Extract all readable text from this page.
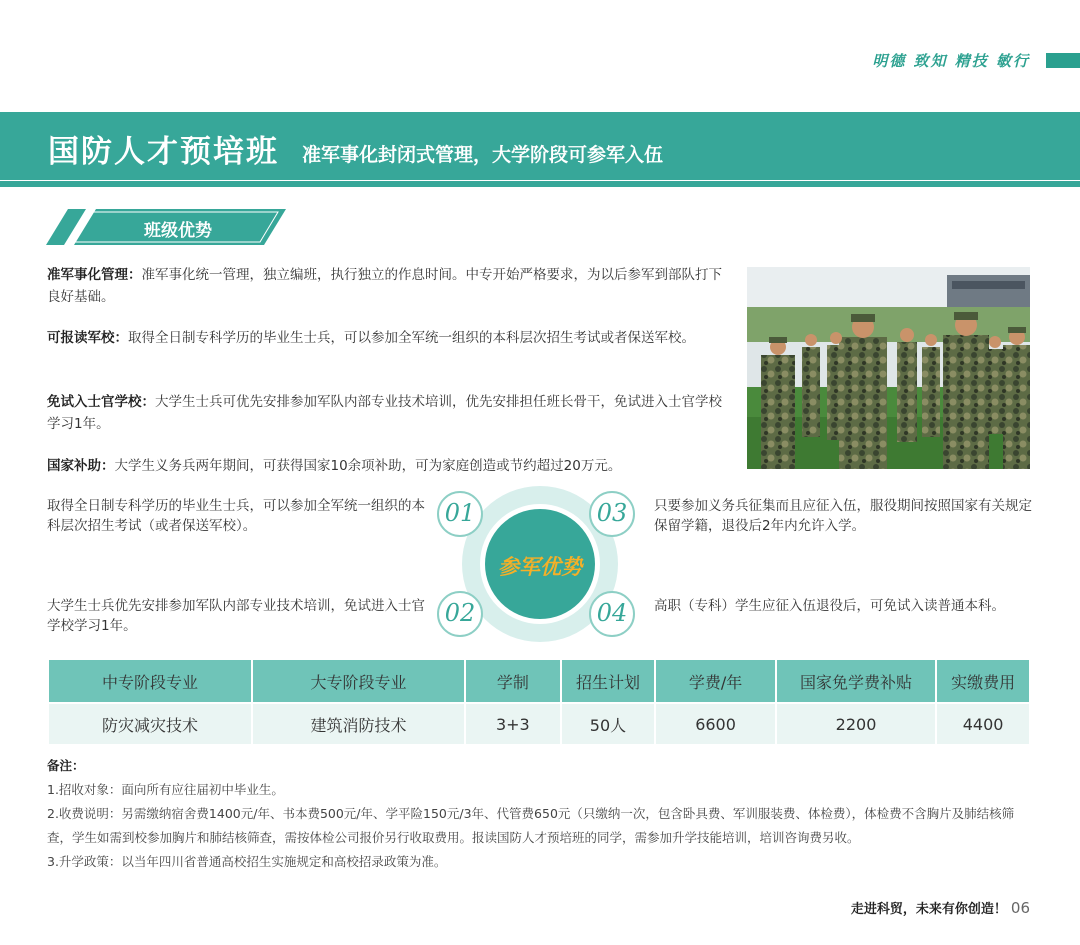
明德 致知 精技 敏行
国防人才预培班 准军事化封闭式管理，大学阶段可参军入伍
班级优势
准军事化管理：准军事化统一管理，独立编班，执行独立的作息时间。中专开始严格要求，为以后参军到部队打下良好基础。
可报读军校：取得全日制专科学历的毕业生士兵，可以参加全军统一组织的本科层次招生考试或者保送军校。
免试入士官学校：大学生士兵可优先安排参加军队内部专业技术培训，优先安排担任班长骨干，免试进入士官学校学习1年。
国家补助：大学生义务兵两年期间，可获得国家10余项补助，可为家庭创造或节约超过20万元。
取得全日制专科学历的毕业生士兵，可以参加全军统一组织的本科层次招生考试（或者保送军校）。
大学生士兵优先安排参加军队内部专业技术培训，免试进入士官学校学习1年。
只要参加义务兵征集而且应征入伍，服役期间按照国家有关规定保留学籍，退役后2年内允许入学。
高职（专科）学生应征入伍退役后，可免试入读普通本科。
参军优势
01
02
03
04
中专阶段专业	大专阶段专业	学制	招生计划	学费/年	国家免学费补贴	实缴费用
防灾减灾技术	建筑消防技术	3+3	50人	6600	2200	4400
备注：
1.招收对象：面向所有应往届初中毕业生。
2.收费说明：另需缴纳宿舍费1400元/年、书本费500元/年、学平险150元/3年、代管费650元（只缴纳一次，包含卧具费、军训服装费、体检费），体检费不含胸片及肺结核筛查，学生如需到校参加胸片和肺结核筛查，需按体检公司报价另行收取费用。报读国防人才预培班的同学，需参加升学技能培训，培训咨询费另收。
3.升学政策：以当年四川省普通高校招生实施规定和高校招录政策为准。
走进科贸，未来有你创造！ 06
